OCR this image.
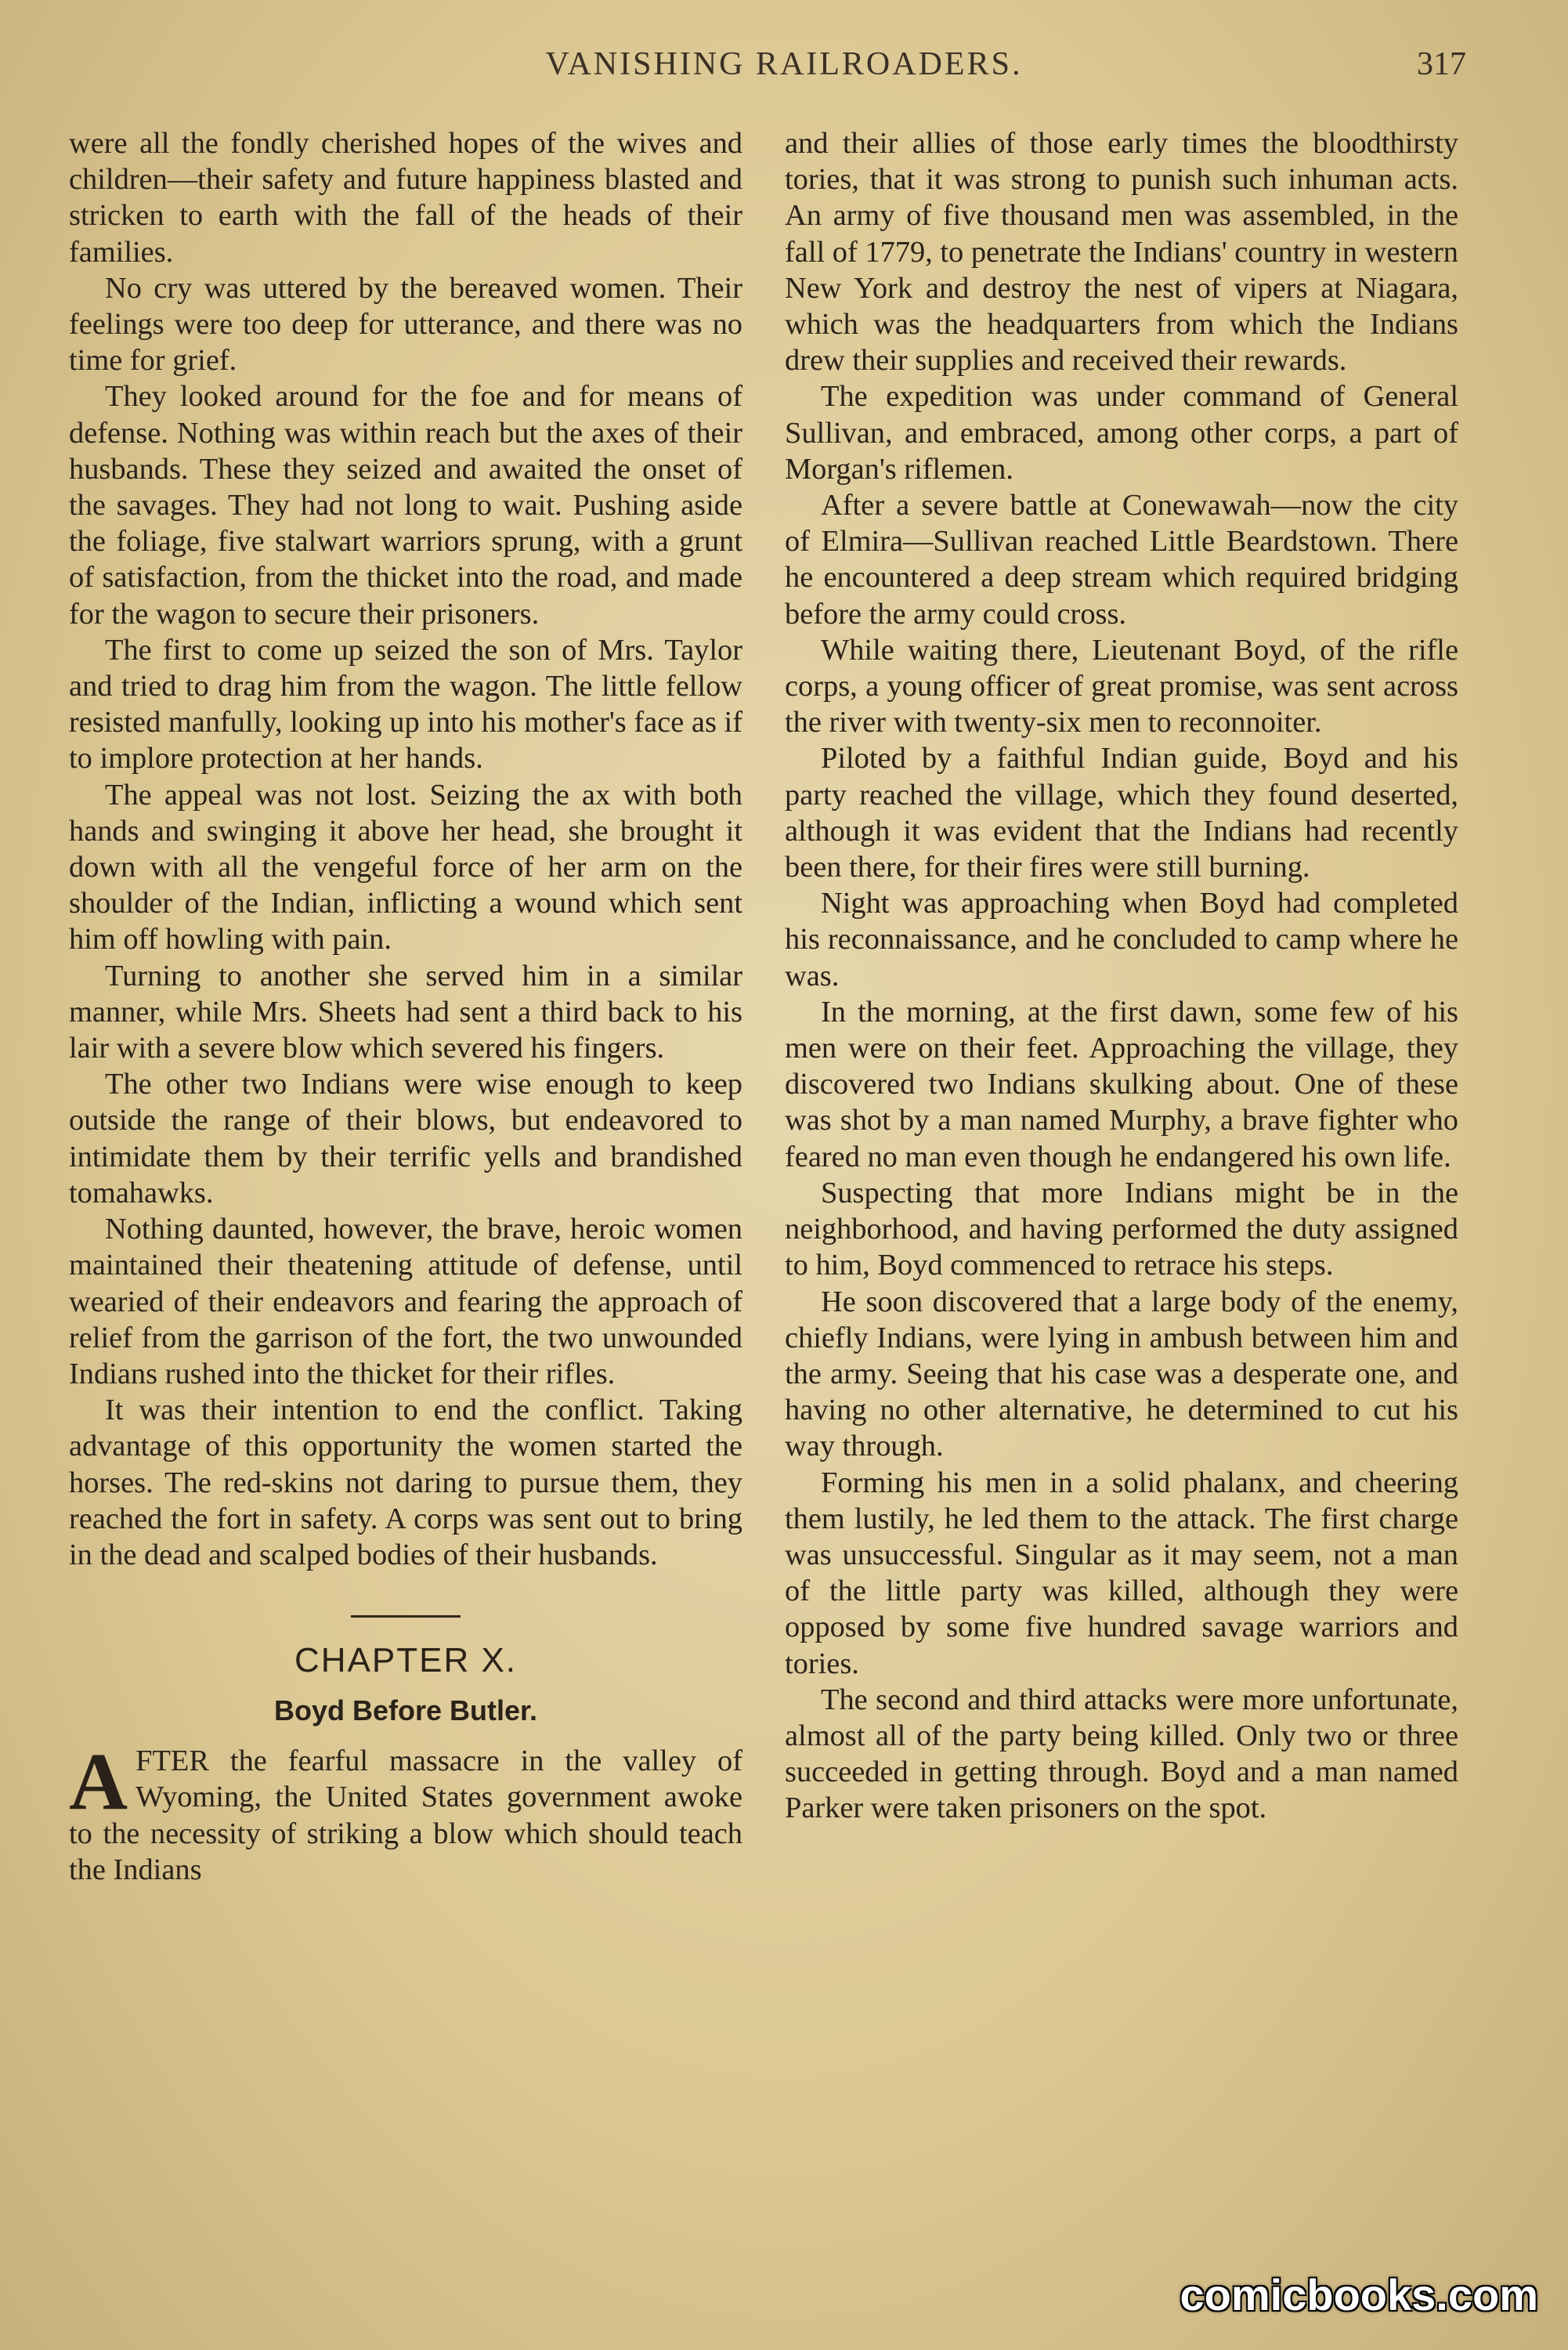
VANISHING RAILROADERS.	317

were all the fondly cherished hopes of the wives and children—their safety and future happiness blasted and stricken to earth with the fall of the heads of their families.

No cry was uttered by the bereaved women. Their feelings were too deep for utterance, and there was no time for grief.

They looked around for the foe and for means of defense. Nothing was within reach but the axes of their husbands. These they seized and awaited the onset of the savages. They had not long to wait. Pushing aside the foliage, five stalwart warriors sprung, with a grunt of satisfaction, from the thicket into the road, and made for the wagon to secure their prisoners.

The first to come up seized the son of Mrs. Taylor and tried to drag him from the wagon. The little fellow resisted manfully, looking up into his mother's face as if to implore protection at her hands.

The appeal was not lost. Seizing the ax with both hands and swinging it above her head, she brought it down with all the vengeful force of her arm on the shoulder of the Indian, inflicting a wound which sent him off howling with pain.

Turning to another she served him in a similar manner, while Mrs. Sheets had sent a third back to his lair with a severe blow which severed his fingers.

The other two Indians were wise enough to keep outside the range of their blows, but endeavored to intimidate them by their terrific yells and brandished tomahawks.

Nothing daunted, however, the brave, heroic women maintained their theatening attitude of defense, until wearied of their endeavors and fearing the approach of relief from the garrison of the fort, the two unwounded Indians rushed into the thicket for their rifles.

It was their intention to end the conflict. Taking advantage of this opportunity the women started the horses. The red-skins not daring to pursue them, they reached the fort in safety. A corps was sent out to bring in the dead and scalped bodies of their husbands.

CHAPTER X.
Boyd Before Butler.

AFTER the fearful massacre in the valley of Wyoming, the United States government awoke to the necessity of striking a blow which should teach the Indians

and their allies of those early times the bloodthirsty tories, that it was strong to punish such inhuman acts. An army of five thousand men was assembled, in the fall of 1779, to penetrate the Indians' country in western New York and destroy the nest of vipers at Niagara, which was the headquarters from which the Indians drew their supplies and received their rewards.

The expedition was under command of General Sullivan, and embraced, among other corps, a part of Morgan's riflemen.

After a severe battle at Conewawah—now the city of Elmira—Sullivan reached Little Beardstown. There he encountered a deep stream which required bridging before the army could cross.

While waiting there, Lieutenant Boyd, of the rifle corps, a young officer of great promise, was sent across the river with twenty-six men to reconnoiter.

Piloted by a faithful Indian guide, Boyd and his party reached the village, which they found deserted, although it was evident that the Indians had recently been there, for their fires were still burning.

Night was approaching when Boyd had completed his reconnaissance, and he concluded to camp where he was.

In the morning, at the first dawn, some few of his men were on their feet. Approaching the village, they discovered two Indians skulking about. One of these was shot by a man named Murphy, a brave fighter who feared no man even though he endangered his own life.

Suspecting that more Indians might be in the neighborhood, and having performed the duty assigned to him, Boyd commenced to retrace his steps.

He soon discovered that a large body of the enemy, chiefly Indians, were lying in ambush between him and the army. Seeing that his case was a desperate one, and having no other alternative, he determined to cut his way through.

Forming his men in a solid phalanx, and cheering them lustily, he led them to the attack. The first charge was unsuccessful. Singular as it may seem, not a man of the little party was killed, although they were opposed by some five hundred savage warriors and tories.

The second and third attacks were more unfortunate, almost all of the party being killed. Only two or three succeeded in getting through. Boyd and a man named Parker were taken prisoners on the spot.

comicbooks.com
